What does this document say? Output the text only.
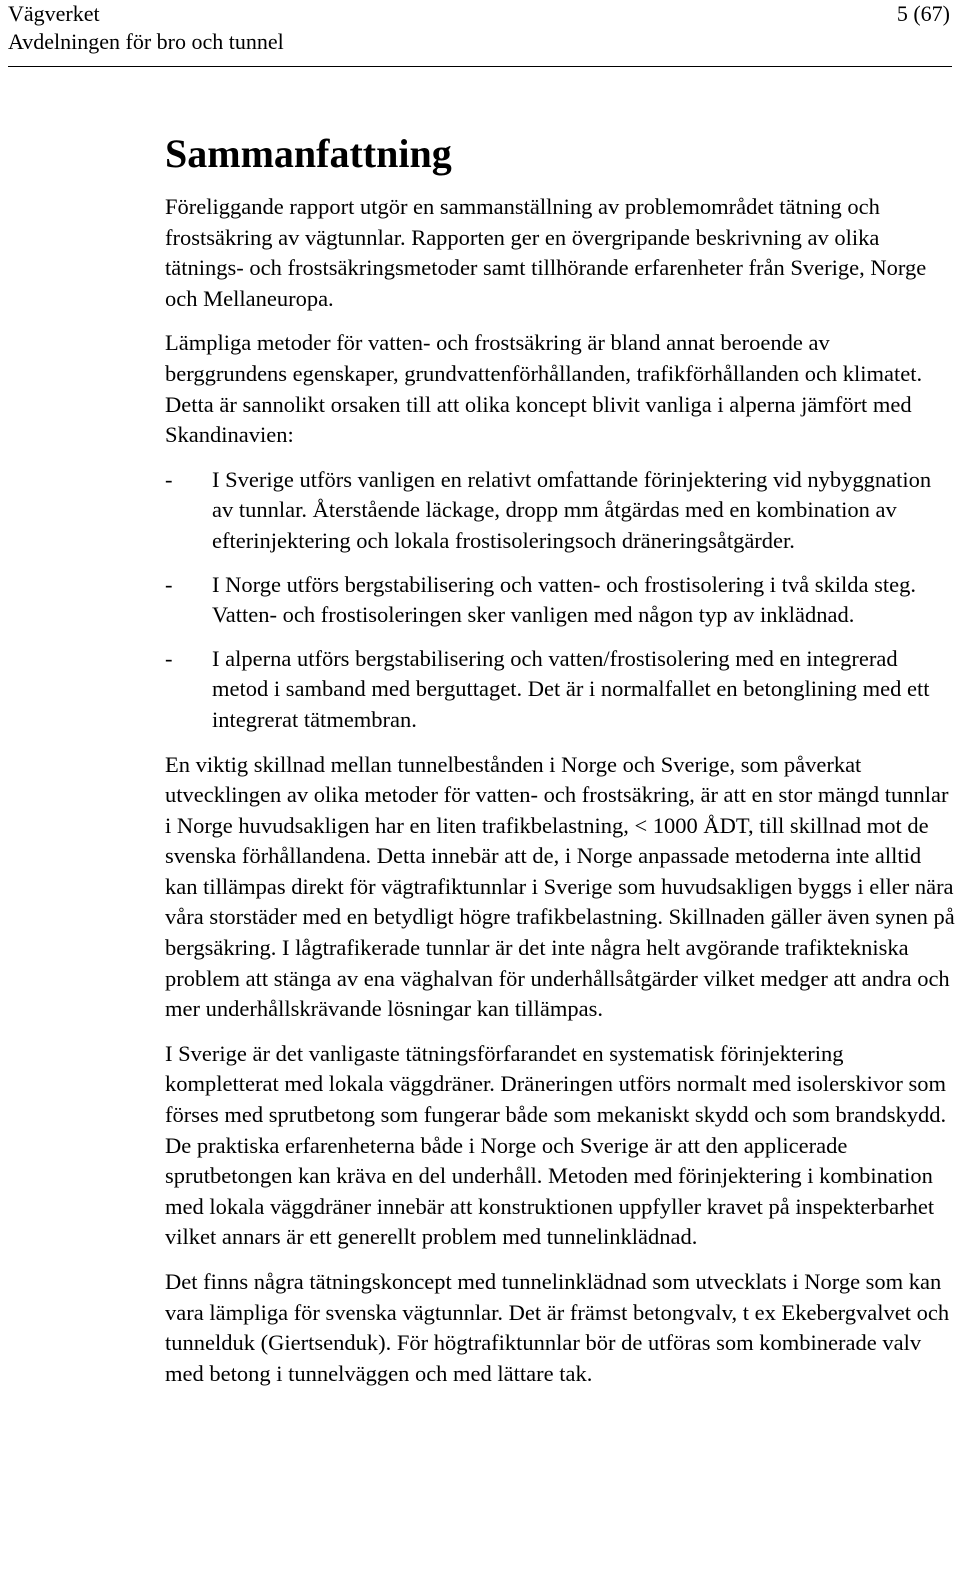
Vägverket

Avdelningen för bro och tunnel

5 (67)

Sammanfattning

Föreliggande rapport utgör en sammanställning av problemområdet tätning och frostsäkring av vägtunnlar. Rapporten ger en övergripande beskrivning av olika tätnings- och frostsäkringsmetoder samt tillhörande erfarenheter från Sverige, Norge och Mellaneuropa.

Lämpliga metoder för vatten- och frostsäkring är bland annat beroende av berggrundens egenskaper, grundvattenförhållanden, trafikförhållanden och klimatet. Detta är sannolikt orsaken till att olika koncept blivit vanliga i alperna jämfört med Skandinavien:

- I Sverige utförs vanligen en relativt omfattande förinjektering vid nybyggnation av tunnlar. Återstående läckage, dropp mm åtgärdas med en kombination av efterinjektering och lokala frostisoleringsoch dräneringsåtgärder.
- I Norge utförs bergstabilisering och vatten- och frostisolering i två skilda steg. Vatten- och frostisoleringen sker vanligen med någon typ av inklädnad.
- I alperna utförs bergstabilisering och vatten/frostisolering med en integrerad metod i samband med berguttaget. Det är i normalfallet en betonglining med ett integrerat tätmembran.

En viktig skillnad mellan tunnelbestånden i Norge och Sverige, som påverkat utvecklingen av olika metoder för vatten- och frostsäkring, är att en stor mängd tunnlar i Norge huvudsakligen har en liten trafikbelastning, < 1000 ÅDT, till skillnad mot de svenska förhållandena. Detta innebär att de, i Norge anpassade metoderna inte alltid kan tillämpas direkt för vägtrafiktunnlar i Sverige som huvudsakligen byggs i eller nära våra storstäder med en betydligt högre trafikbelastning. Skillnaden gäller även synen på bergsäkring. I lågtrafikerade tunnlar är det inte några helt avgörande trafiktekniska problem att stänga av ena väghalvan för underhållsåtgärder vilket medger att andra och mer underhållskrävande lösningar kan tillämpas.

I Sverige är det vanligaste tätningsförfarandet en systematisk förinjektering kompletterat med lokala väggdräner. Dräneringen utförs normalt med isolerskivor som förses med sprutbetong som fungerar både som mekaniskt skydd och som brandskydd. De praktiska erfarenheterna både i Norge och Sverige är att den applicerade sprutbetongen kan kräva en del underhåll. Metoden med förinjektering i kombination med lokala väggdräner innebär att konstruktionen uppfyller kravet på inspekterbarhet vilket annars är ett generellt problem med tunnelinklädnad.

Det finns några tätningskoncept med tunnelinklädnad som utvecklats i Norge som kan vara lämpliga för svenska vägtunnlar. Det är främst betongvalv, t ex Ekebergvalvet och tunnelduk (Giertsenduk). För högtrafiktunnlar bör de utföras som kombinerade valv med betong i tunnelväggen och med lättare tak.
